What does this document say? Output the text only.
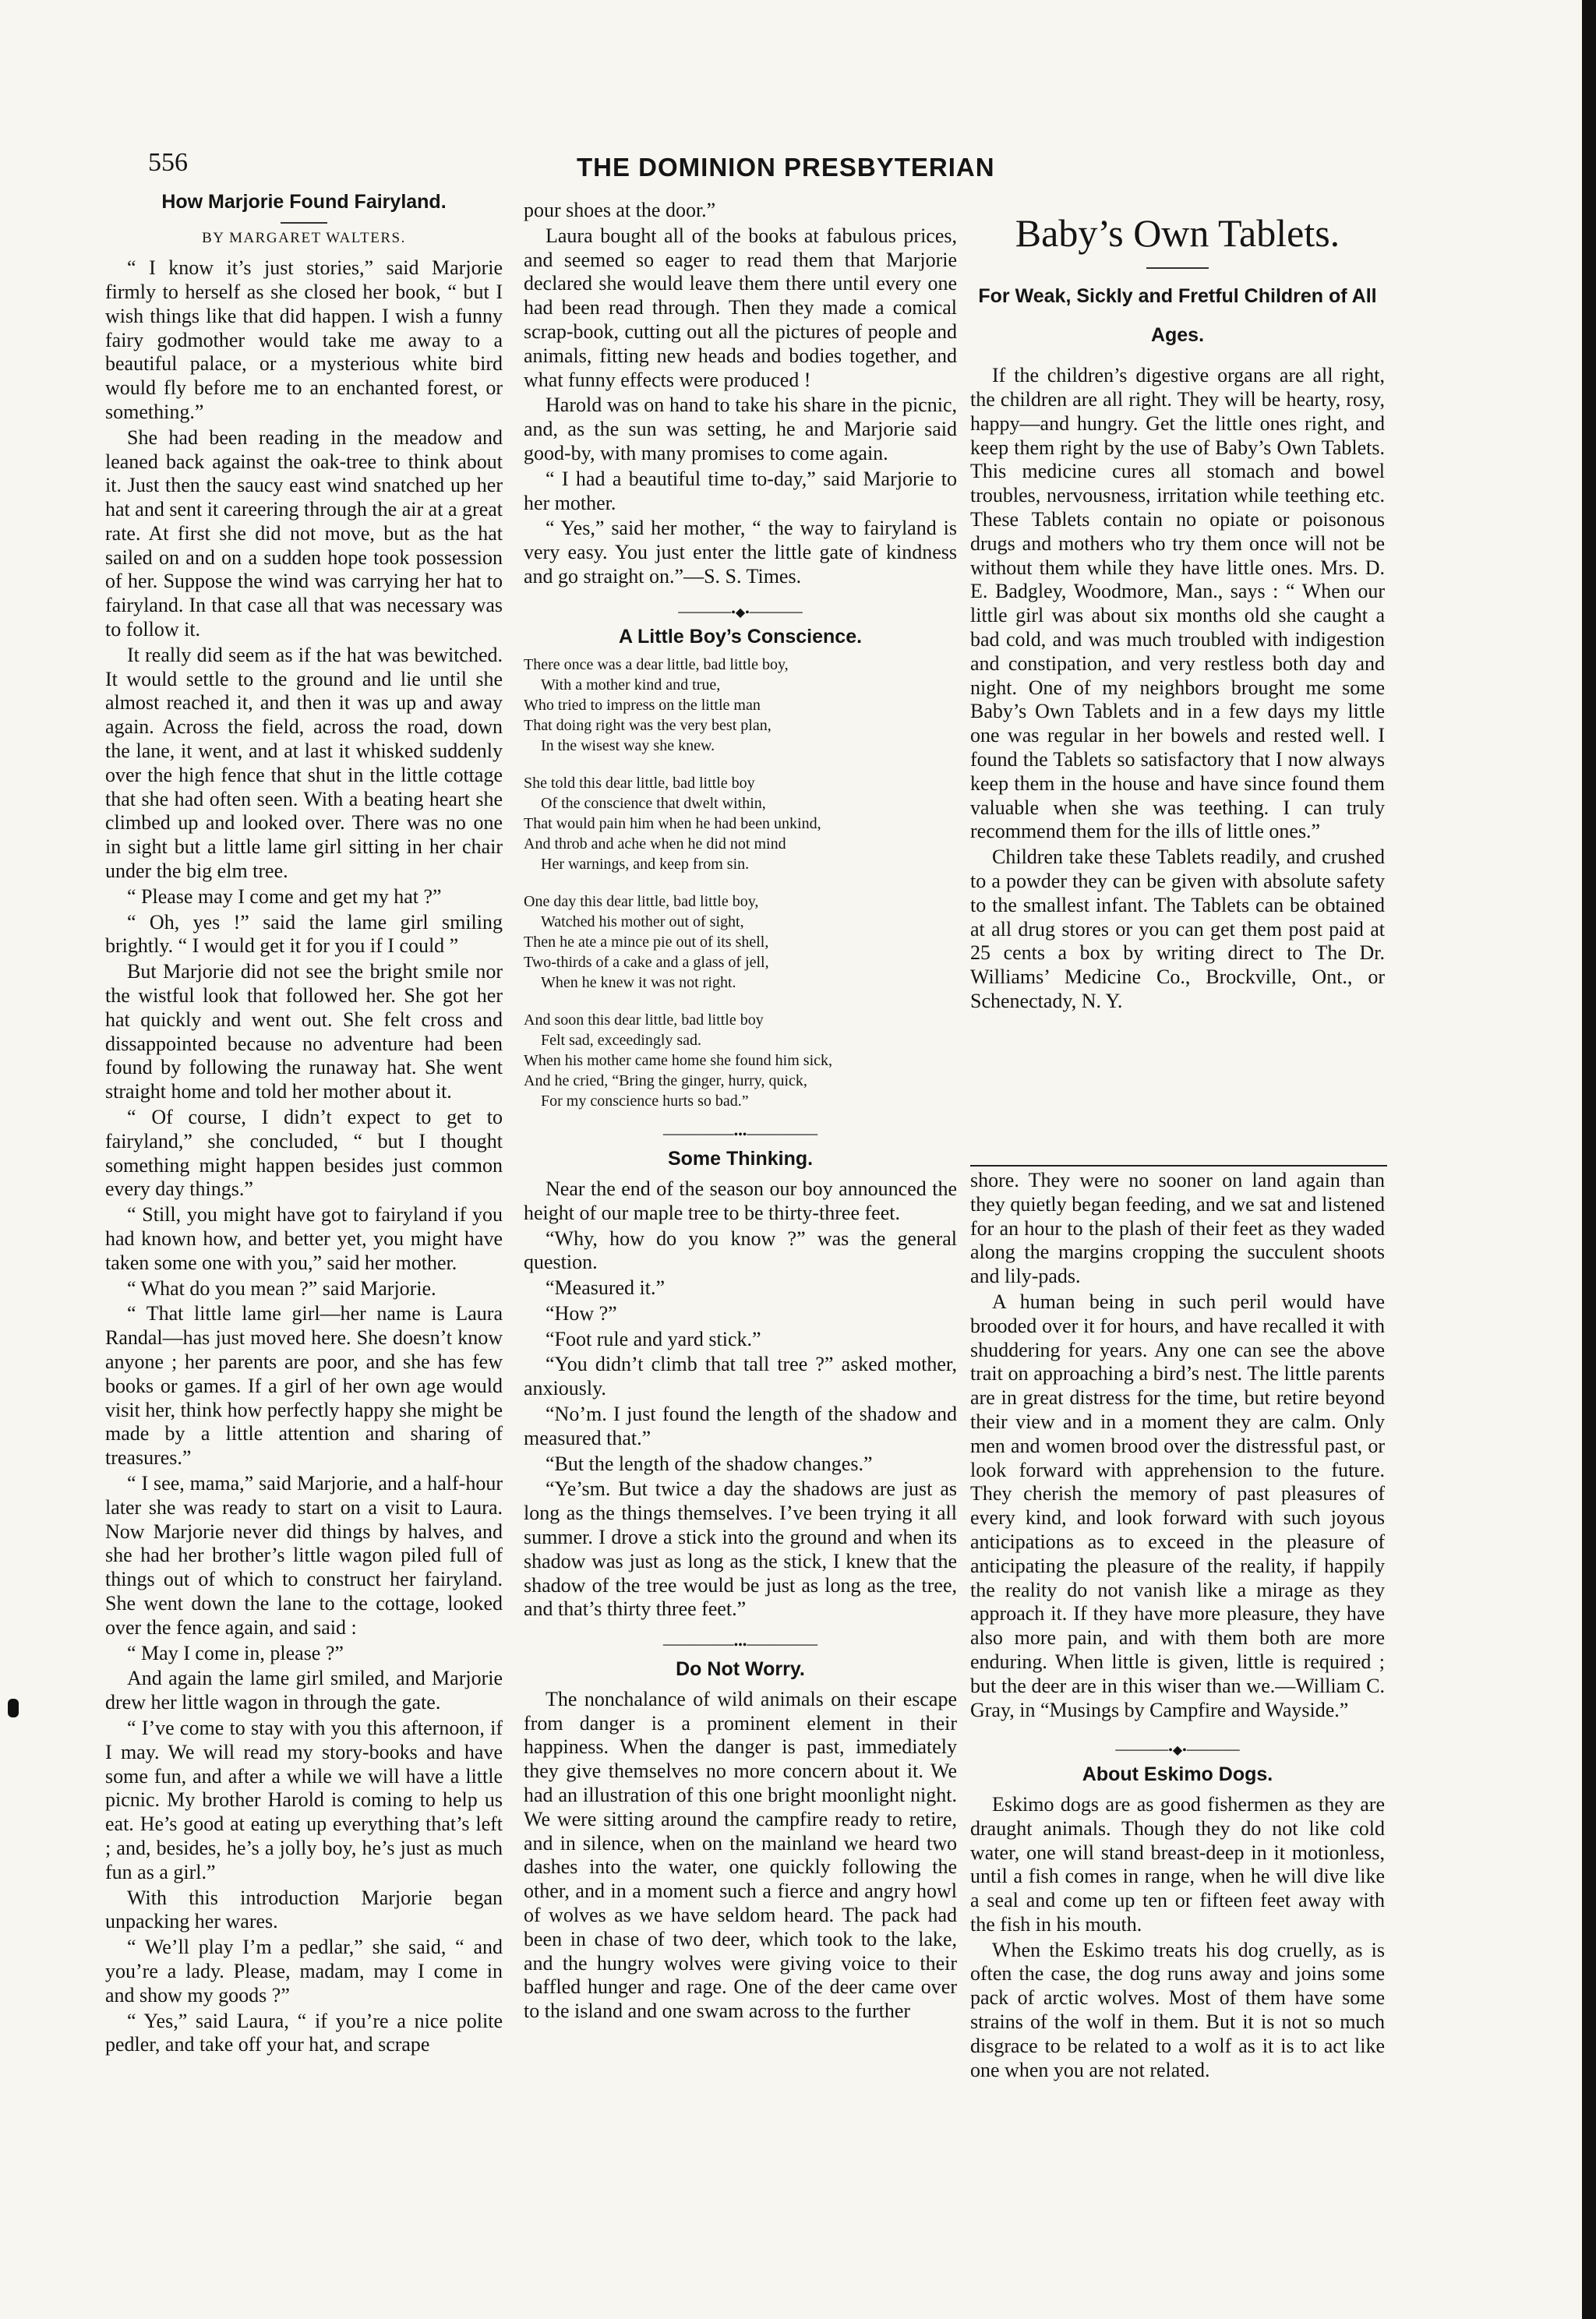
556	THE DOMINION PRESBYTERIAN
How Marjorie Found Fairyland.
BY MARGARET WALTERS.

“ I know it’s just stories,” said Marjorie firmly to herself as she closed her book, “ but I wish things like that did happen. I wish a funny fairy godmother would take me away to a beautiful palace, or a mysterious white bird would fly before me to an enchanted forest, or something.”

She had been reading in the meadow and leaned back against the oak-tree to think about it. Just then the saucy east wind snatched up her hat and sent it careering through the air at a great rate. At first she did not move, but as the hat sailed on and on a sudden hope took possession of her. Suppose the wind was carrying her hat to fairyland. In that case all that was necessary was to follow it.

It really did seem as if the hat was bewitched. It would settle to the ground and lie until she almost reached it, and then it was up and away again. Across the field, across the road, down the lane, it went, and at last it whisked suddenly over the high fence that shut in the little cottage that she had often seen. With a beating heart she climbed up and looked over. There was no one in sight but a little lame girl sitting in her chair under the big elm tree.

“ Please may I come and get my hat ?”

“ Oh, yes !” said the lame girl smiling brightly. “ I would get it for you if I could ”

But Marjorie did not see the bright smile nor the wistful look that followed her. She got her hat quickly and went out. She felt cross and dissappointed because no adventure had been found by following the runaway hat. She went straight home and told her mother about it.

“ Of course, I didn’t expect to get to fairyland,” she concluded, “ but I thought something might happen besides just common every day things.”

“ Still, you might have got to fairyland if you had known how, and better yet, you might have taken some one with you,” said her mother.

“ What do you mean ?” said Marjorie.

“ That little lame girl—her name is Laura Randal—has just moved here. She doesn’t know anyone ; her parents are poor, and she has few books or games. If a girl of her own age would visit her, think how perfectly happy she might be made by a little attention and sharing of treasures.”

“ I see, mama,” said Marjorie, and a half-hour later she was ready to start on a visit to Laura. Now Marjorie never did things by halves, and she had her brother’s little wagon piled full of things out of which to construct her fairyland. She went down the lane to the cottage, looked over the fence again, and said :

“ May I come in, please ?”

And again the lame girl smiled, and Marjorie drew her little wagon in through the gate.

“ I’ve come to stay with you this afternoon, if I may. We will read my story-books and have some fun, and after a while we will have a little picnic. My brother Harold is coming to help us eat. He’s good at eating up everything that’s left ; and, besides, he’s a jolly boy, he’s just as much fun as a girl.”

With this introduction Marjorie began unpacking her wares.

“ We’ll play I’m a pedlar,” she said, “ and you’re a lady. Please, madam, may I come in and show my goods ?”

“ Yes,” said Laura, “ if you’re a nice polite pedler, and take off your hat, and scrape

pour shoes at the door.”

Laura bought all of the books at fabulous prices, and seemed so eager to read them that Marjorie declared she would leave them there until every one had been read through. Then they made a comical scrap-book, cutting out all the pictures of people and animals, fitting new heads and bodies together, and what funny effects were produced !

Harold was on hand to take his share in the picnic, and, as the sun was setting, he and Marjorie said good-by, with many promises to come again.

“ I had a beautiful time to-day,” said Marjorie to her mother.

“ Yes,” said her mother, “ the way to fairyland is very easy. You just enter the little gate of kindness and go straight on.”—S. S. Times.

──────•◆•──────
A Little Boy’s Conscience.
There once was a dear little, bad little boy,
With a mother kind and true,
Who tried to impress on the little man
That doing right was the very best plan,
In the wisest way she knew.
She told this dear little, bad little boy
Of the conscience that dwelt within,
That would pain him when he had been unkind,
And throb and ache when he did not mind
Her warnings, and keep from sin.
One day this dear little, bad little boy,
Watched his mother out of sight,
Then he ate a mince pie out of its shell,
Two-thirds of a cake and a glass of jell,
When he knew it was not right.
And soon this dear little, bad little boy
Felt sad, exceedingly sad.
When his mother came home she found him sick,
And he cried, “Bring the ginger, hurry, quick,
For my conscience hurts so bad.”
────────•••────────
Some Thinking.

Near the end of the season our boy announced the height of our maple tree to be thirty-three feet.

“Why, how do you know ?” was the general question.

“Measured it.”

“How ?”

“Foot rule and yard stick.”

“You didn’t climb that tall tree ?” asked mother, anxiously.

“No’m. I just found the length of the shadow and measured that.”

“But the length of the shadow changes.”

“Ye’sm. But twice a day the shadows are just as long as the things themselves. I’ve been trying it all summer. I drove a stick into the ground and when its shadow was just as long as the stick, I knew that the shadow of the tree would be just as long as the tree, and that’s thirty three feet.”

────────•••────────
Do Not Worry.

The nonchalance of wild animals on their escape from danger is a prominent element in their happiness. When the danger is past, immediately they give themselves no more concern about it. We had an illustration of this one bright moonlight night. We were sitting around the campfire ready to retire, and in silence, when on the mainland we heard two dashes into the water, one quickly following the other, and in a moment such a fierce and angry howl of wolves as we have seldom heard. The pack had been in chase of two deer, which took to the lake, and the hungry wolves were giving voice to their baffled hunger and rage. One of the deer came over to the island and one swam across to the further

Baby’s Own Tablets.
For Weak, Sickly and Fretful Children of All Ages.

If the children’s digestive organs are all right, the children are all right. They will be hearty, rosy, happy—and hungry. Get the little ones right, and keep them right by the use of Baby’s Own Tablets. This medicine cures all stomach and bowel troubles, nervousness, irritation while teething etc. These Tablets contain no opiate or poisonous drugs and mothers who try them once will not be without them while they have little ones. Mrs. D. E. Badgley, Woodmore, Man., says : “ When our little girl was about six months old she caught a bad cold, and was much troubled with indigestion and constipation, and very restless both day and night. One of my neighbors brought me some Baby’s Own Tablets and in a few days my little one was regular in her bowels and rested well. I found the Tablets so satisfactory that I now always keep them in the house and have since found them valuable when she was teething. I can truly recommend them for the ills of little ones.”

Children take these Tablets readily, and crushed to a powder they can be given with absolute safety to the smallest infant. The Tablets can be obtained at all drug stores or you can get them post paid at 25 cents a box by writing direct to The Dr. Williams’ Medicine Co., Brockville, Ont., or Schenectady, N. Y.

shore. They were no sooner on land again than they quietly began feeding, and we sat and listened for an hour to the plash of their feet as they waded along the margins cropping the succulent shoots and lily-pads.

A human being in such peril would have brooded over it for hours, and have recalled it with shuddering for years. Any one can see the above trait on approaching a bird’s nest. The little parents are in great distress for the time, but retire beyond their view and in a moment they are calm. Only men and women brood over the distressful past, or look forward with apprehension to the future. They cherish the memory of past pleasures of every kind, and look forward with such joyous anticipations as to exceed in the pleasure of anticipating the pleasure of the reality, if happily the reality do not vanish like a mirage as they approach it. If they have more pleasure, they have also more pain, and with them both are more enduring. When little is given, little is required ; but the deer are in this wiser than we.—William C. Gray, in “Musings by Campfire and Wayside.”

──────•◆•──────
About Eskimo Dogs.

Eskimo dogs are as good fishermen as they are draught animals. Though they do not like cold water, one will stand breast-deep in it motionless, until a fish comes in range, when he will dive like a seal and come up ten or fifteen feet away with the fish in his mouth.

When the Eskimo treats his dog cruelly, as is often the case, the dog runs away and joins some pack of arctic wolves. Most of them have some strains of the wolf in them. But it is not so much disgrace to be related to a wolf as it is to act like one when you are not related.
